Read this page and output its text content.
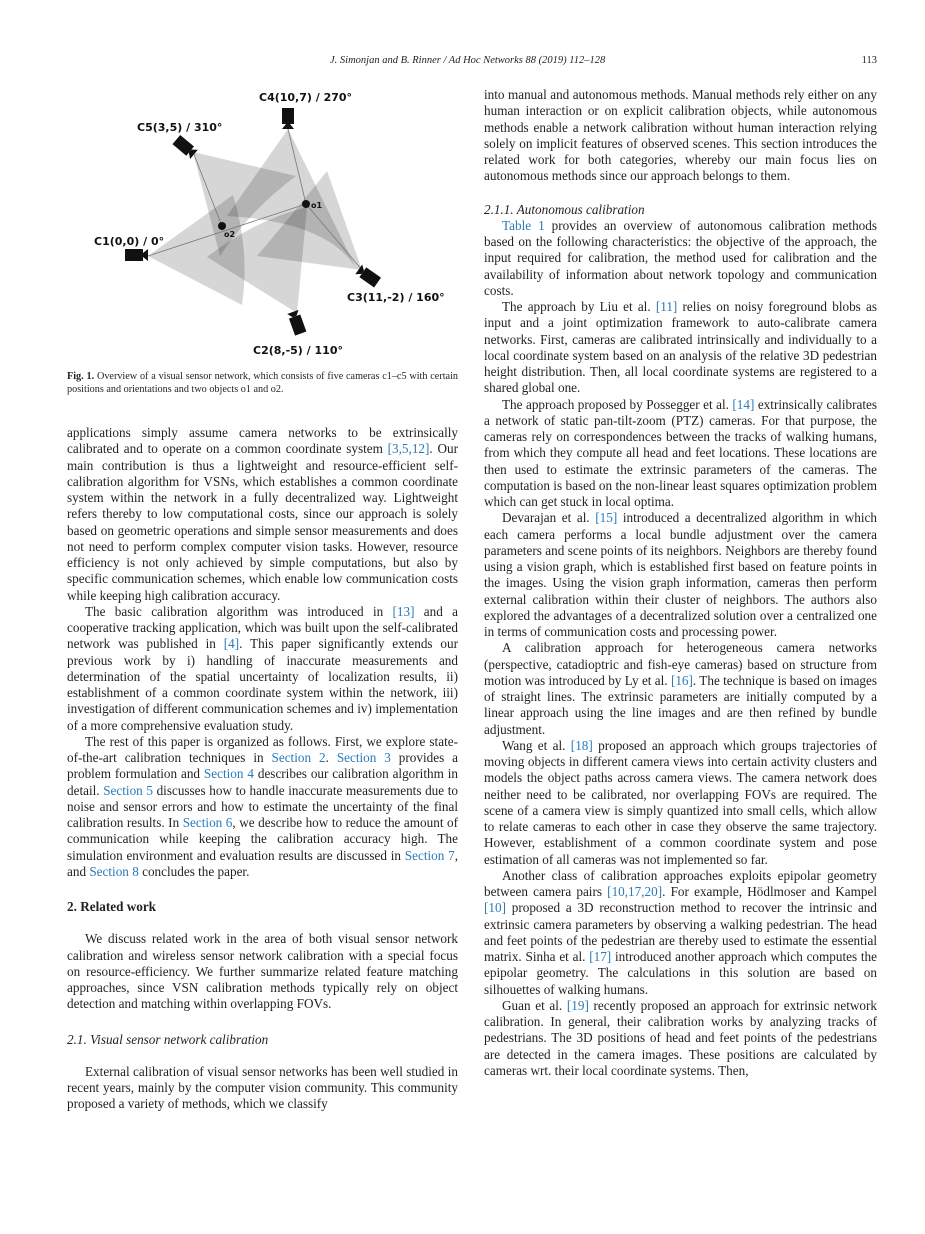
J. Simonjan and B. Rinner / Ad Hoc Networks 88 (2019) 112–128	113
C4(10,7) / 270°
C5(3,5) / 310°
C1(0,0) / 0°
C3(11,-2) / 160°
C2(8,-5) / 110°
o1
o2
Fig. 1. Overview of a visual sensor network, which consists of five cameras c1–c5 with certain positions and orientations and two objects o1 and o2.

applications simply assume camera networks to be extrinsically calibrated and to operate on a common coordinate system [3,5,12]. Our main contribution is thus a lightweight and resource-efficient self-calibration algorithm for VSNs, which establishes a common coordinate system within the network in a fully decentralized way. Lightweight refers thereby to low computational costs, since our approach is solely based on geometric operations and simple sensor measurements and does not need to perform complex computer vision tasks. However, resource efficiency is not only achieved by simple computations, but also by specific communication schemes, which enable low communication costs while keeping high calibration accuracy.

The basic calibration algorithm was introduced in [13] and a cooperative tracking application, which was built upon the self-calibrated network was published in [4]. This paper significantly extends our previous work by i) handling of inaccurate measurements and determination of the spatial uncertainty of localization results, ii) establishment of a common coordinate system within the network, iii) investigation of different communication schemes and iv) implementation of a more comprehensive evaluation study.

The rest of this paper is organized as follows. First, we explore state-of-the-art calibration techniques in Section 2. Section 3 provides a problem formulation and Section 4 describes our calibration algorithm in detail. Section 5 discusses how to handle inaccurate measurements due to noise and sensor errors and how to estimate the uncertainty of the final calibration results. In Section 6, we describe how to reduce the amount of communication while keeping the calibration accuracy high. The simulation environment and evaluation results are discussed in Section 7, and Section 8 concludes the paper.

2. Related work

We discuss related work in the area of both visual sensor network calibration and wireless sensor network calibration with a special focus on resource-efficiency. We further summarize related feature matching approaches, since VSN calibration methods typically rely on object detection and matching within overlapping FOVs.

2.1. Visual sensor network calibration

External calibration of visual sensor networks has been well studied in recent years, mainly by the computer vision community. This community proposed a variety of methods, which we classify

into manual and autonomous methods. Manual methods rely either on any human interaction or on explicit calibration objects, while autonomous methods enable a network calibration without human interaction relying solely on implicit features of observed scenes. This section introduces the related work for both categories, whereby our main focus lies on autonomous methods since our approach belongs to them.

2.1.1. Autonomous calibration

Table 1 provides an overview of autonomous calibration methods based on the following characteristics: the objective of the approach, the input required for calibration, the method used for calibration and the availability of information about network topology and communication costs.

The approach by Liu et al. [11] relies on noisy foreground blobs as input and a joint optimization framework to auto-calibrate camera networks. First, cameras are calibrated intrinsically and individually to a local coordinate system based on an analysis of the relative 3D pedestrian height distribution. Then, all local coordinate systems are registered to a shared global one.

The approach proposed by Possegger et al. [14] extrinsically calibrates a network of static pan-tilt-zoom (PTZ) cameras. For that purpose, the cameras rely on correspondences between the tracks of walking humans, from which they compute all head and feet locations. These locations are then used to estimate the extrinsic parameters of the cameras. The computation is based on the non-linear least squares optimization problem which can get stuck in local optima.

Devarajan et al. [15] introduced a decentralized algorithm in which each camera performs a local bundle adjustment over the camera parameters and scene points of its neighbors. Neighbors are thereby found using a vision graph, which is established first based on feature points in the images. Using the vision graph information, cameras then perform external calibration within their cluster of neighbors. The authors also explored the advantages of a decentralized solution over a centralized one in terms of communication costs and processing power.

A calibration approach for heterogeneous camera networks (perspective, catadioptric and fish-eye cameras) based on structure from motion was introduced by Ly et al. [16]. The technique is based on images of straight lines. The extrinsic parameters are initially computed by a linear approach using the line images and are then refined by bundle adjustment.

Wang et al. [18] proposed an approach which groups trajectories of moving objects in different camera views into certain activity clusters and models the object paths across camera views. The camera network does neither need to be calibrated, nor overlapping FOVs are required. The scene of a camera view is simply quantized into small cells, which allow to relate cameras to each other in case they observe the same trajectory. However, establishment of a common coordinate system and pose estimation of all cameras was not implemented so far.

Another class of calibration approaches exploits epipolar geometry between camera pairs [10,17,20]. For example, Hödlmoser and Kampel [10] proposed a 3D reconstruction method to recover the intrinsic and extrinsic camera parameters by observing a walking pedestrian. The head and feet points of the pedestrian are thereby used to estimate the essential matrix. Sinha et al. [17] introduced another approach which computes the epipolar geometry. The calculations in this solution are based on silhouettes of walking humans.

Guan et al. [19] recently proposed an approach for extrinsic network calibration. In general, their calibration works by analyzing tracks of pedestrians. The 3D positions of head and feet points of the pedestrians are detected in the camera images. These positions are calculated by cameras wrt. their local coordinate systems. Then,
